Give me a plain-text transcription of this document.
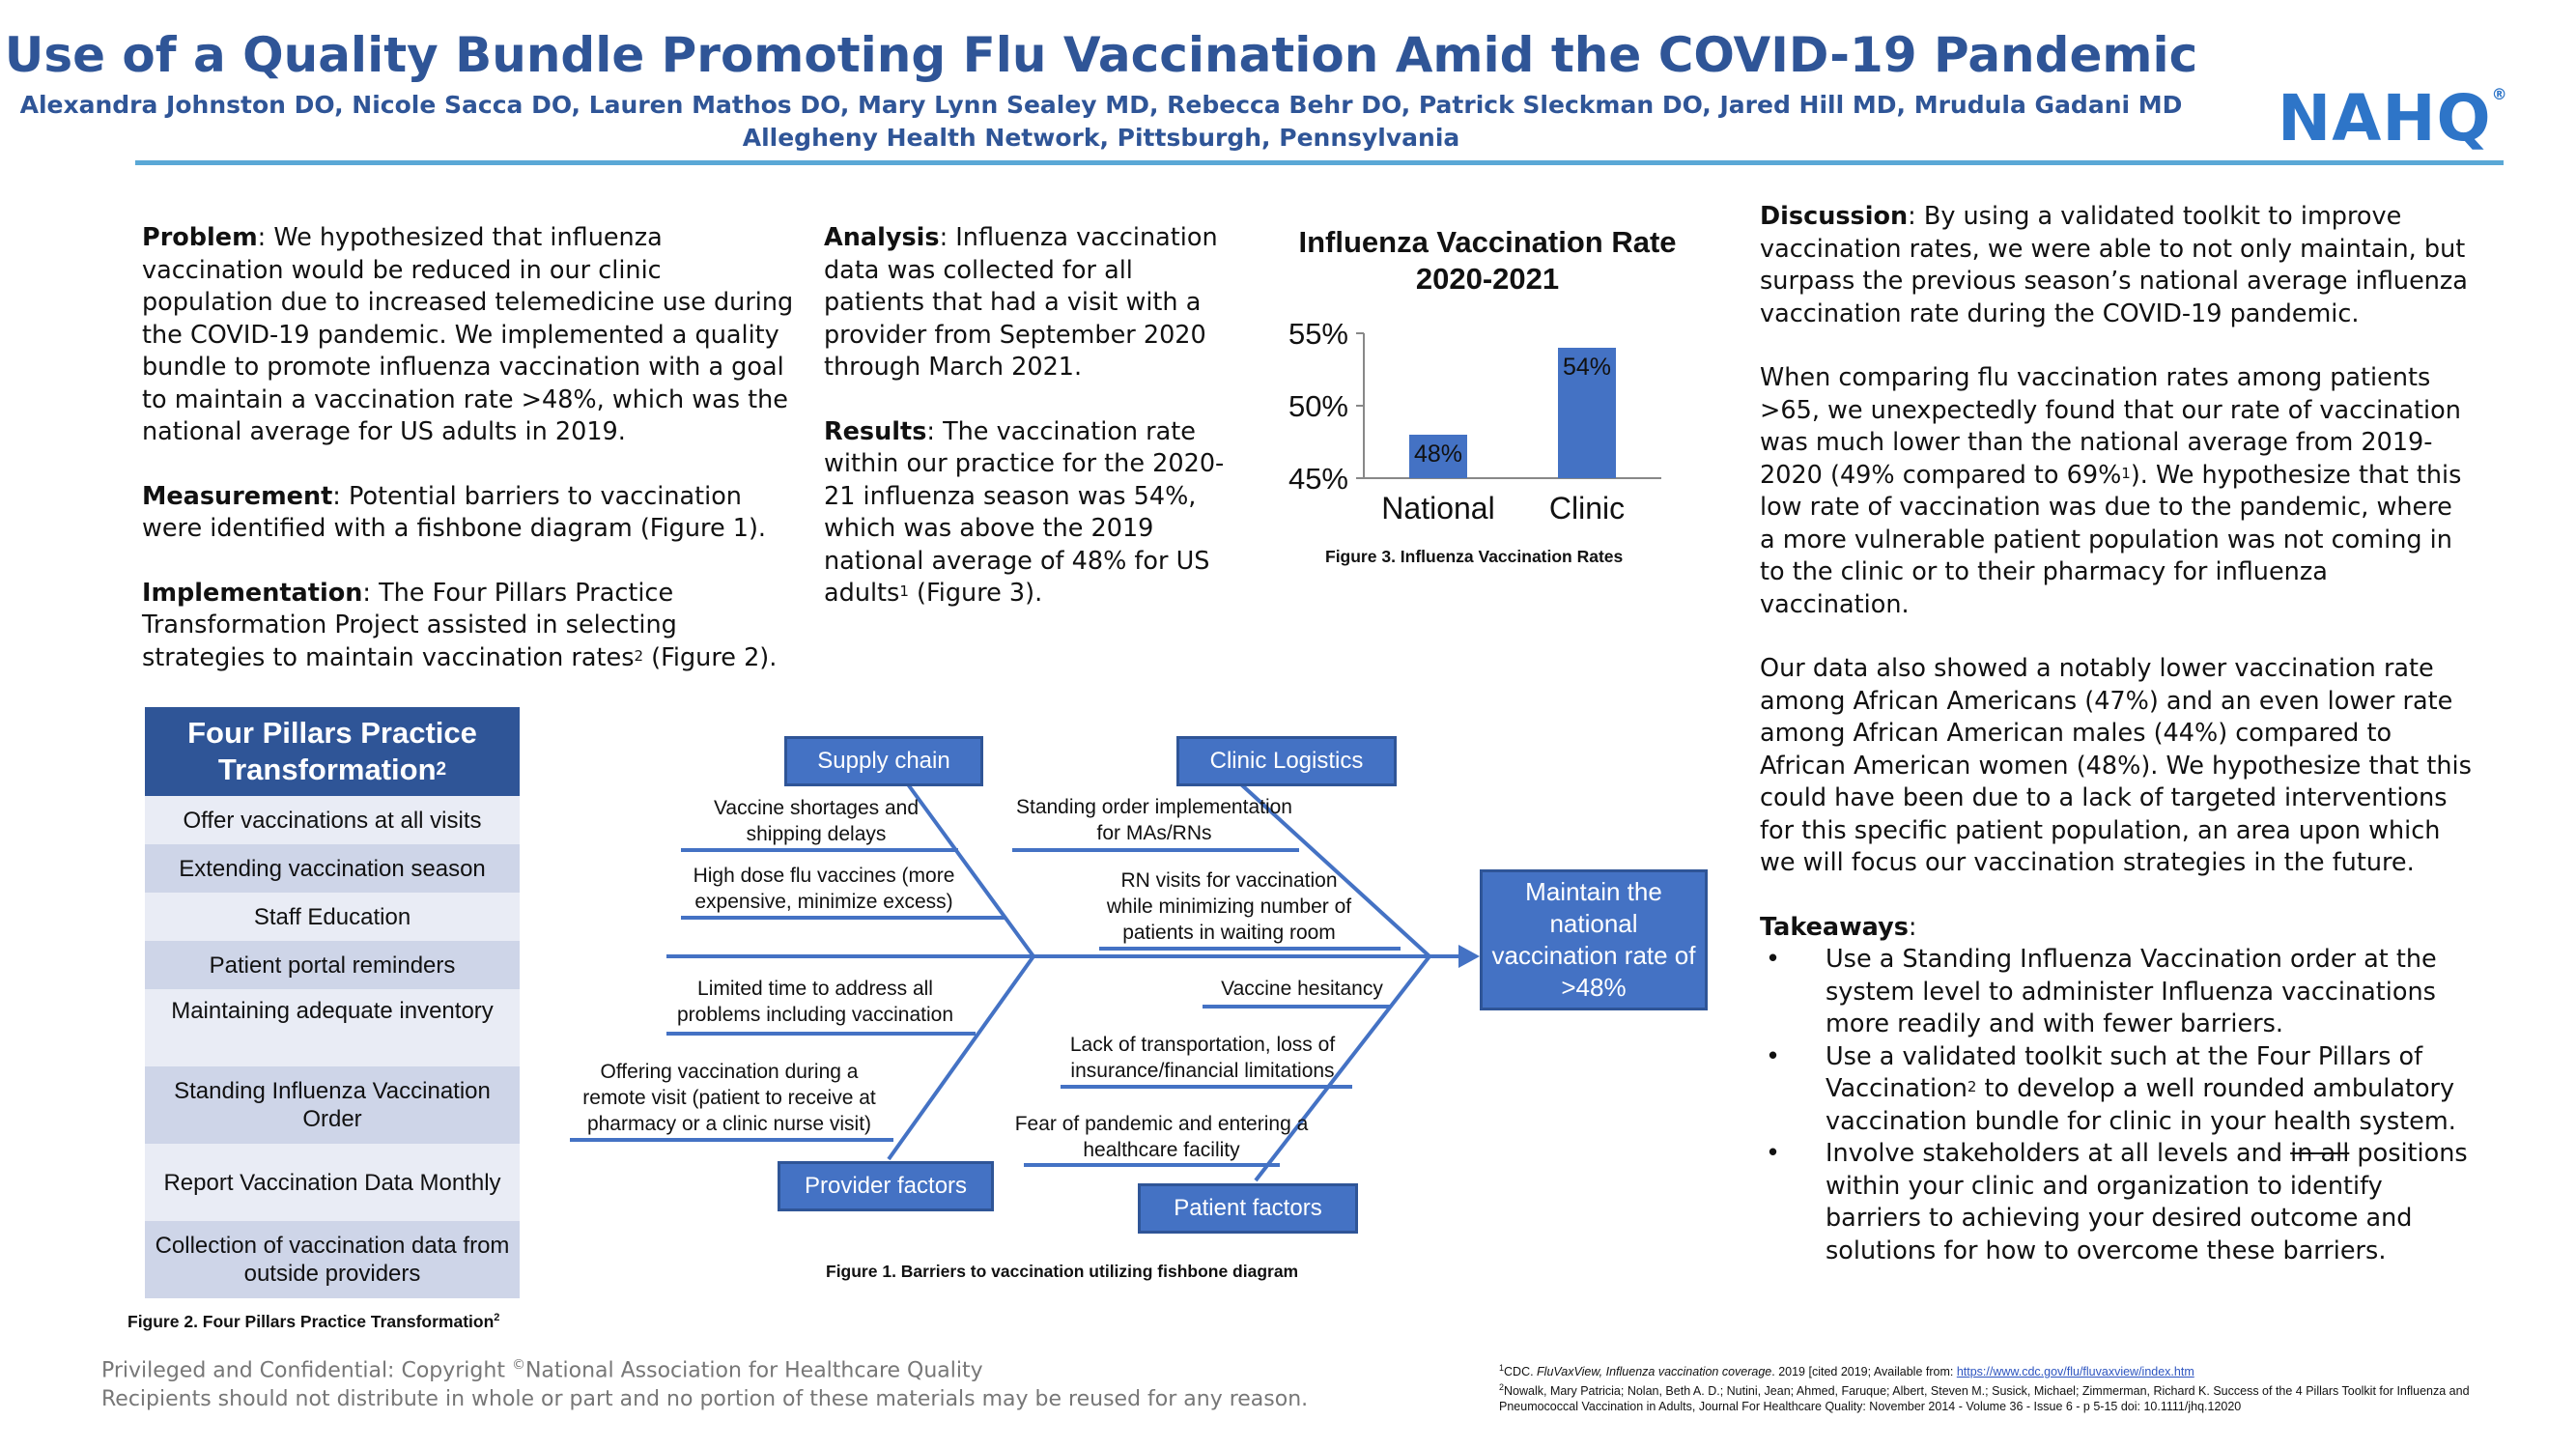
Use of a Quality Bundle Promoting Flu Vaccination Amid the COVID-19 Pandemic
Alexandra Johnston DO, Nicole Sacca DO, Lauren Mathos DO, Mary Lynn Sealey MD, Rebecca Behr DO, Patrick Sleckman DO, Jared Hill MD, Mrudula Gadani MD
Allegheny Health Network, Pittsburgh, Pennsylvania	NAHQ®

Problem: We hypothesized that influenza vaccination would be reduced in our clinic population due to increased telemedicine use during the COVID-19 pandemic. We implemented a quality bundle to promote influenza vaccination with a goal to maintain a vaccination rate >48%, which was the national average for US adults in 2019.

Measurement: Potential barriers to vaccination were identified with a fishbone diagram (Figure 1).

Implementation: The Four Pillars Practice Transformation Project assisted in selecting strategies to maintain vaccination rates$^2$ (Figure 2).

Analysis: Influenza vaccination data was collected for all patients that had a visit with a provider from September 2020 through March 2021.

Results: The vaccination rate within our practice for the 2020-21 influenza season was 54%, which was above the 2019 national average of 48% for US adults$^1$ (Figure 3).

Influenza Vaccination Rate 2020-2021
45%
50%
55%
48%
National
54%
Clinic
Figure 3. Influenza Vaccination Rates

Discussion: By using a validated toolkit to improve vaccination rates, we were able to not only maintain, but surpass the previous season’s national average influenza vaccination rate during the COVID-19 pandemic.

When comparing flu vaccination rates among patients >65, we unexpectedly found that our rate of vaccination was much lower than the national average from 2019-2020 (49% compared to 69%$^1$). We hypothesize that this low rate of vaccination was due to the pandemic, where a more vulnerable patient population was not coming in to the clinic or to their pharmacy for influenza vaccination.

Our data also showed a notably lower vaccination rate among African Americans (47%) and an even lower rate among African American males (44%) compared to African American women (48%). We hypothesize that this could have been due to a lack of targeted interventions for this specific patient population, an area upon which we will focus our vaccination strategies in the future.

Takeaways:
• Use a Standing Influenza Vaccination order at the system level to administer Influenza vaccinations more readily and with fewer barriers.
• Use a validated toolkit such at the Four Pillars of Vaccination$^2$ to develop a well rounded ambulatory vaccination bundle for clinic in your health system.
• Involve stakeholders at all levels and in all positions within your clinic and organization to identify barriers to achieving your desired outcome and solutions for how to overcome these barriers.
Four Pillars Practice Transformation$^2$
Offer vaccinations at all visits
Extending vaccination season
Staff Education
Patient portal reminders
Maintaining adequate inventory
Standing Influenza Vaccination Order
Report Vaccination Data Monthly
Collection of vaccination data from outside providers
Figure 2. Four Pillars Practice Transformation$^2$
Supply chain	Clinic Logistics
Provider factors
Patient factors
Maintain the national vaccination rate of >48%
Vaccine shortages and shipping delays
High dose flu vaccines (more expensive, minimize excess)
Limited time to address all problems including vaccination
Offering vaccination during a remote visit (patient to receive at pharmacy or a clinic nurse visit)
Standing order implementation for MAs/RNs
RN visits for vaccination while minimizing number of patients in waiting room
Vaccine hesitancy
Lack of transportation, loss of insurance/financial limitations
Fear of pandemic and entering a healthcare facility
Figure 1. Barriers to vaccination utilizing fishbone diagram
Privileged and Confidential: Copyright ©National Association for Healthcare Quality
Recipients should not distribute in whole or part and no portion of these materials may be reused for any reason.
$^1$CDC. FluVaxView, Influenza vaccination coverage. 2019 [cited 2019; Available from: https://www.cdc.gov/flu/fluvaxview/index.htm
$^2$Nowalk, Mary Patricia; Nolan, Beth A. D.; Nutini, Jean; Ahmed, Faruque; Albert, Steven M.; Susick, Michael; Zimmerman, Richard K. Success of the 4 Pillars Toolkit for Influenza and Pneumococcal Vaccination in Adults, Journal For Healthcare Quality: November 2014 - Volume 36 - Issue 6 - p 5-15 doi: 10.1111/jhq.12020
